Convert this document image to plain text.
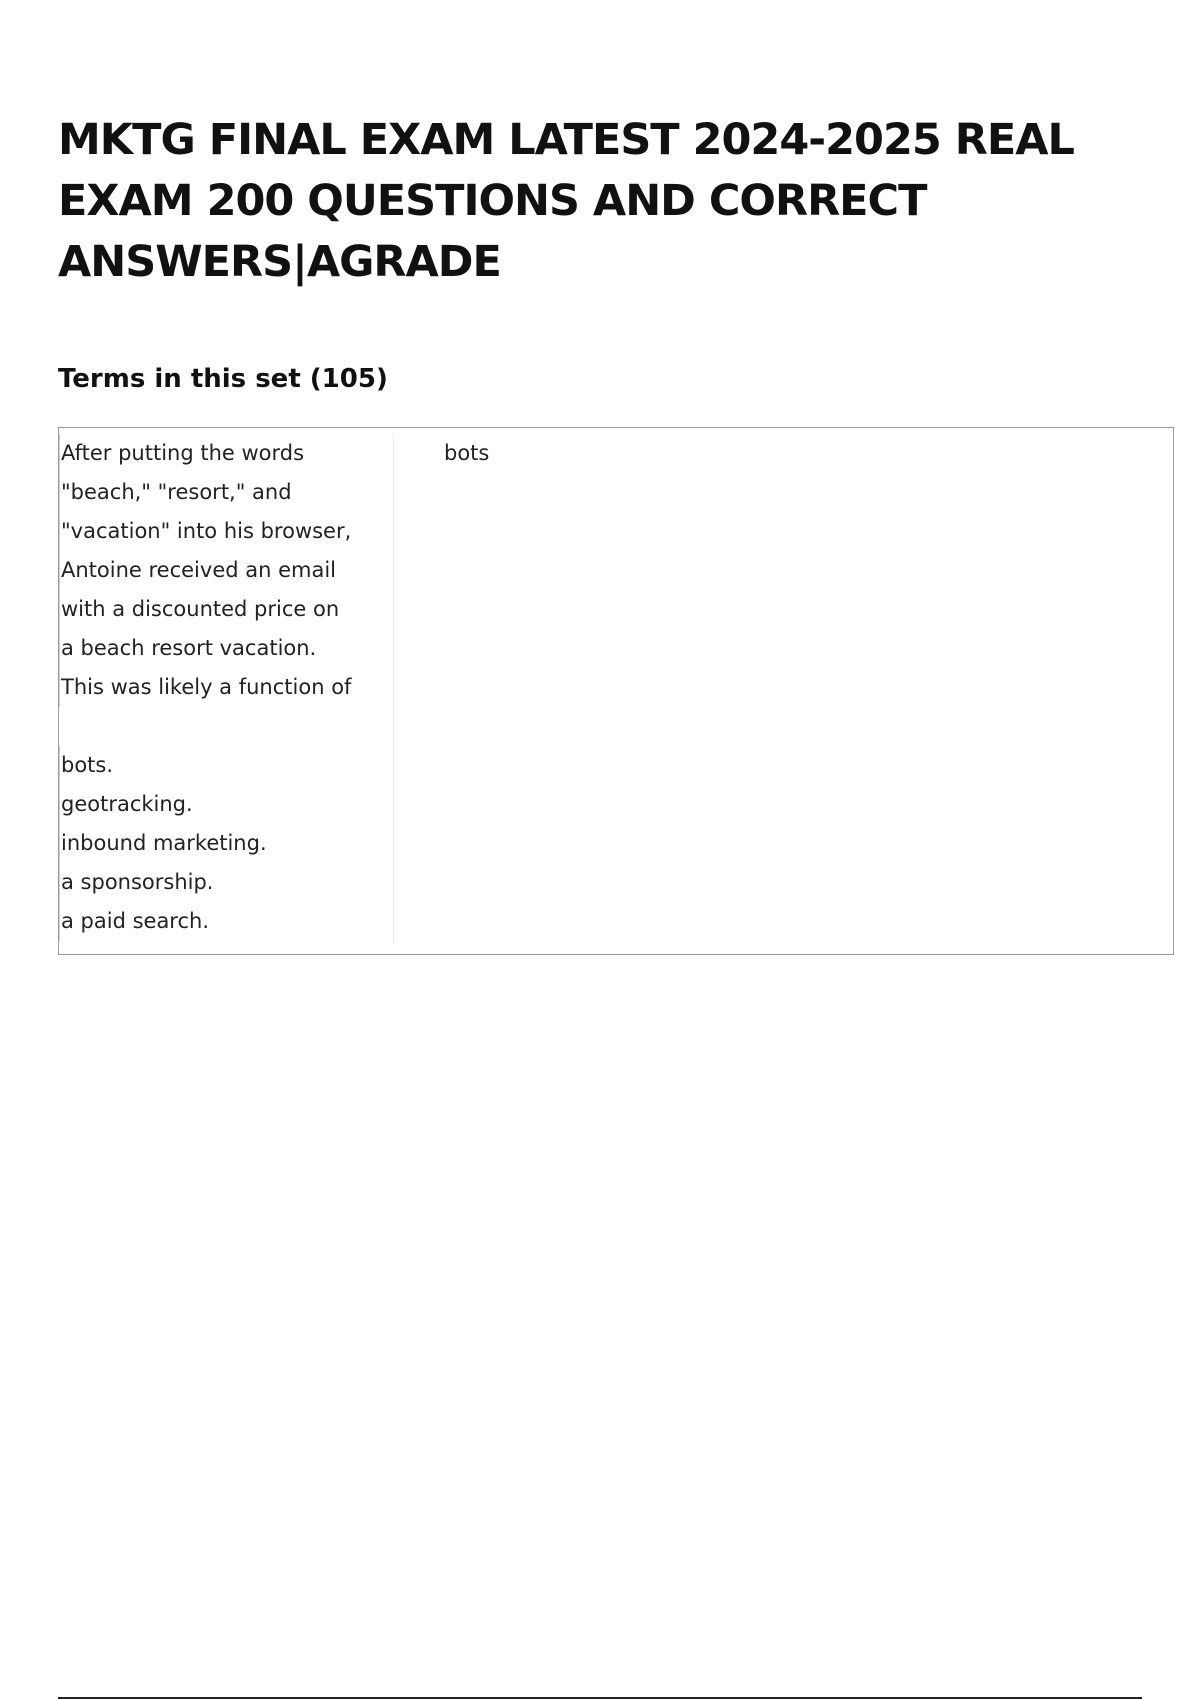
MKTG FINAL EXAM LATEST 2024-2025 REAL EXAM 200 QUESTIONS AND CORRECT ANSWERS|AGRADE
Terms in this set (105)
After putting the words
"beach," "resort," and
"vacation" into his browser,
Antoine received an email
with a discounted price on
a beach resort vacation.
This was likely a function of
bots.
geotracking.
inbound marketing.
a sponsorship.
a paid search.
bots
